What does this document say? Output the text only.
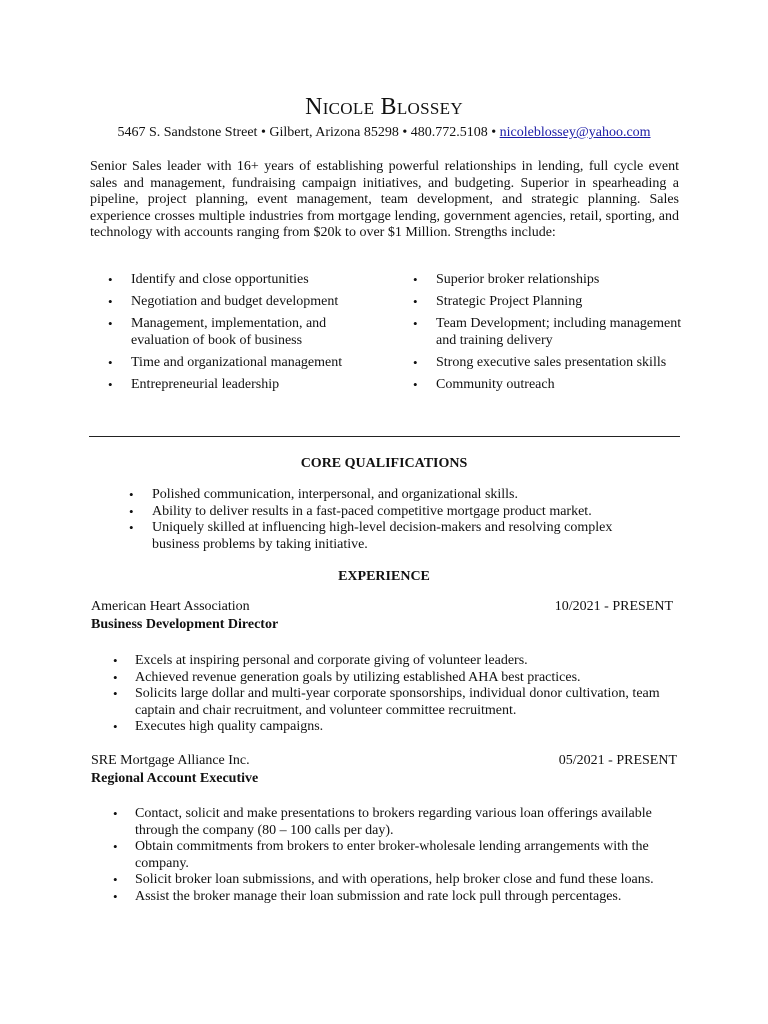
Nicole Blossey
5467 S. Sandstone Street • Gilbert, Arizona 85298 • 480.772.5108 • nicoleblossey@yahoo.com
Senior Sales leader with 16+ years of establishing powerful relationships in lending, full cycle event sales and management, fundraising campaign initiatives, and budgeting. Superior in spearheading a pipeline, project planning, event management, team development, and strategic planning. Sales experience crosses multiple industries from mortgage lending, government agencies, retail, sporting, and technology with accounts ranging from $20k to over $1 Million. Strengths include:
• Identify and close opportunities
• Negotiation and budget development
• Management, implementation, and evaluation of book of business
• Time and organizational management
• Entrepreneurial leadership
• Superior broker relationships
• Strategic Project Planning
• Team Development; including management and training delivery
• Strong executive sales presentation skills
• Community outreach
CORE QUALIFICATIONS
• Polished communication, interpersonal, and organizational skills.
• Ability to deliver results in a fast-paced competitive mortgage product market.
• Uniquely skilled at influencing high-level decision-makers and resolving complex business problems by taking initiative.
EXPERIENCE
American Heart Association	10/2021 - PRESENT
Business Development Director
• Excels at inspiring personal and corporate giving of volunteer leaders.
• Achieved revenue generation goals by utilizing established AHA best practices.
• Solicits large dollar and multi-year corporate sponsorships, individual donor cultivation, team captain and chair recruitment, and volunteer committee recruitment.
• Executes high quality campaigns.
SRE Mortgage Alliance Inc.	05/2021 - PRESENT
Regional Account Executive
• Contact, solicit and make presentations to brokers regarding various loan offerings available through the company (80 – 100 calls per day).
• Obtain commitments from brokers to enter broker-wholesale lending arrangements with the company.
• Solicit broker loan submissions, and with operations, help broker close and fund these loans.
• Assist the broker manage their loan submission and rate lock pull through percentages.
